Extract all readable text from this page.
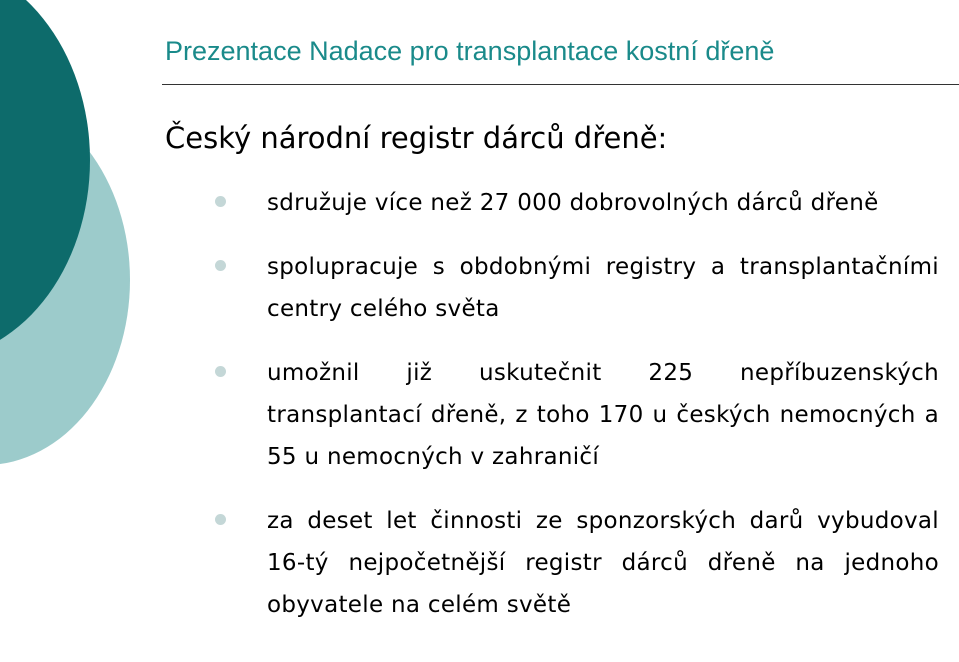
Prezentace Nadace pro transplantace kostní dřeně
Český národní registr dárců dřeně:
sdružuje více než 27 000 dobrovolných dárců dřeně
spolupracuje s obdobnými registry a transplantačními centry celého světa
umožnil již uskutečnit 225 nepříbuzenských transplantací dřeně, z toho 170 u českých nemocných a 55 u nemocných v zahraničí
za deset let činnosti ze sponzorských darů vybudoval 16-tý nejpočetnější registr dárců dřeně na jednoho obyvatele na celém světě
